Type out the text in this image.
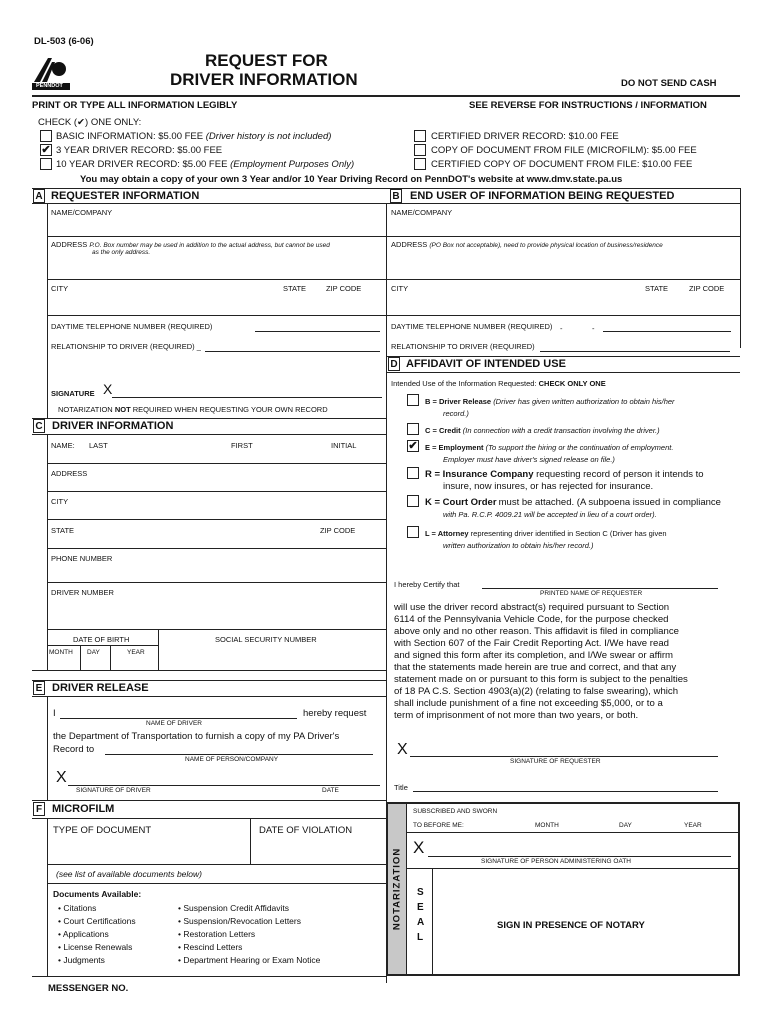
DL-503 (6-06)
PENNDOT
REQUEST FOR
DRIVER INFORMATION	DO NOT SEND CASH
PRINT OR TYPE ALL INFORMATION LEGIBLY	SEE REVERSE FOR INSTRUCTIONS / INFORMATION
CHECK (✔) ONE ONLY:
BASIC INFORMATION: $5.00 FEE (Driver history is not included)
✔ 3 YEAR DRIVER RECORD: $5.00 FEE
10 YEAR DRIVER RECORD: $5.00 FEE (Employment Purposes Only)
CERTIFIED DRIVER RECORD: $10.00 FEE
COPY OF DOCUMENT FROM FILE (MICROFILM): $5.00 FEE
CERTIFIED COPY OF DOCUMENT FROM FILE: $10.00 FEE
You may obtain a copy of your own 3 Year and/or 10 Year Driving Record on PennDOT's website at www.dmv.state.pa.us
A REQUESTER INFORMATION	B END USER OF INFORMATION BEING REQUESTED
NAME/COMPANY
ADDRESS P.O. Box number may be used in addition to the actual address, but cannot be used
as the only address.
CITY	STATE	ZIP CODE
DAYTIME TELEPHONE NUMBER (REQUIRED)
RELATIONSHIP TO DRIVER (REQUIRED) _
X
SIGNATURE
NOTARIZATION NOT REQUIRED WHEN REQUESTING YOUR OWN RECORD
NAME/COMPANY
ADDRESS (PO Box not acceptable), need to provide physical location of business/residence
CITY	STATE	ZIP CODE
DAYTIME TELEPHONE NUMBER (REQUIRED) -	-
RELATIONSHIP TO DRIVER (REQUIRED)
D AFFIDAVIT OF INTENDED USE
Intended Use of the Information Requested: CHECK ONLY ONE
B = Driver Release (Driver has given written authorization to obtain his/her
record.)
C = Credit (In connection with a credit transaction involving the driver.)
✔ E = Employment (To support the hiring or the continuation of employment.
Employer must have driver's signed release on file.)
R = Insurance Company requesting record of person it intends to
insure, now insures, or has rejected for insurance.
K = Court Order must be attached. (A subpoena issued in compliance
with Pa. R.C.P. 4009.21 will be accepted in lieu of a court order).
L = Attorney representing driver identified in Section C (Driver has given
written authorization to obtain his/her record.)
I hereby Certify that
PRINTED NAME OF REQUESTER
will use the driver record abstract(s) required pursuant to Section
6114 of the Pennsylvania Vehicle Code, for the purpose checked
above only and no other reason. This affidavit is filed in compliance
with Section 607 of the Fair Credit Reporting Act. I/We have read
and signed this form after its completion, and I/We swear or affirm
that the statements made herein are true and correct, and that any
statement made on or pursuant to this form is subject to the penalties
of 18 PA C.S. Section 4903(a)(2) (relating to false swearing), which
shall include punishment of a fine not exceeding $5,000, or to a
term of imprisonment of not more than two years, or both.
X
SIGNATURE OF REQUESTER
Title
C DRIVER INFORMATION
NAME: LAST	FIRST	INITIAL
ADDRESS
CITY
STATE	ZIP CODE
PHONE NUMBER
DRIVER NUMBER
DATE OF BIRTH	SOCIAL SECURITY NUMBER
MONTH DAY	YEAR
E DRIVER RELEASE
I	hereby request
NAME OF DRIVER
the Department of Transportation to furnish a copy of my PA Driver's
Record to
NAME OF PERSON/COMPANY
X
SIGNATURE OF DRIVER	DATE
F MICROFILM
TYPE OF DOCUMENT	DATE OF VIOLATION
(see list of available documents below)
Documents Available:
• Citations
• Court Certifications
• Applications
• License Renewals
• Judgments
• Suspension Credit Affidavits
• Suspension/Revocation Letters
• Restoration Letters
• Rescind Letters
• Department Hearing or Exam Notice
NOTARIZATION
SUBSCRIBED AND SWORN
TO BEFORE ME:	MONTH	DAY	YEAR
X
SIGNATURE OF PERSON ADMINISTERING OATH
S
E
A
L
SIGN IN PRESENCE OF NOTARY
MESSENGER NO.
